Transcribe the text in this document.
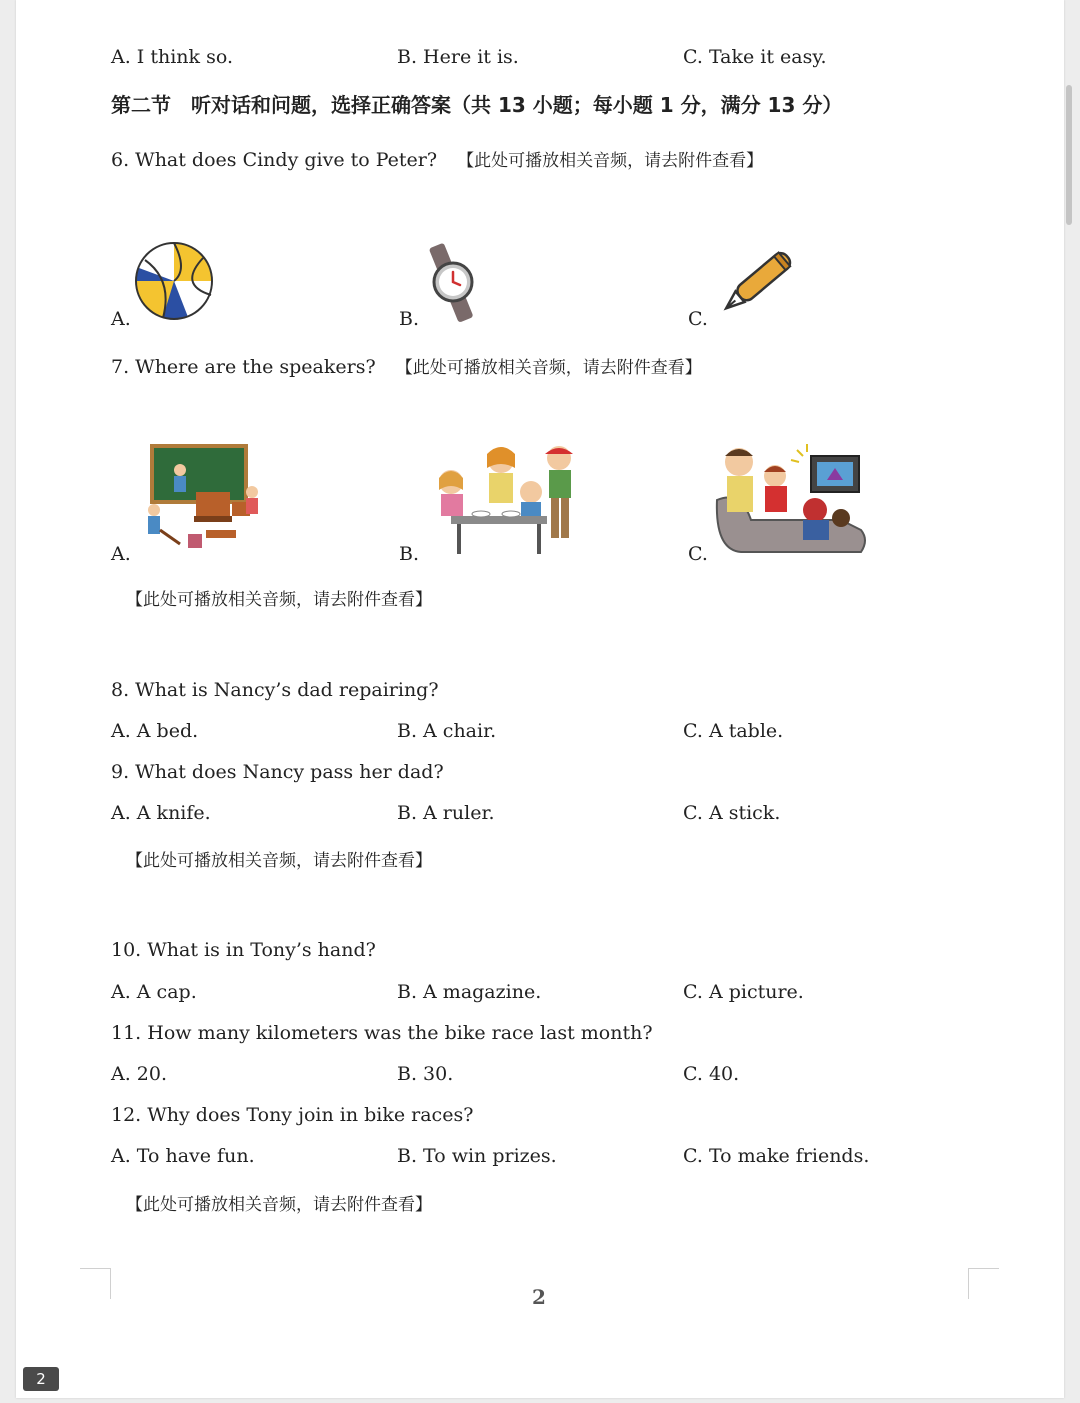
A. I think so.	B. Here it is.	C. Take it easy.
第二节　听对话和问题，选择正确答案（共 13 小题；每小题 1 分，满分 13 分）
6. What does Cindy give to Peter? 【此处可播放相关音频，请去附件查看】
A.	B.	C.
7. Where are the speakers? 【此处可播放相关音频，请去附件查看】
A.	B.	C.
【此处可播放相关音频，请去附件查看】
8. What is Nancy’s dad repairing?
A. A bed.	B. A chair.	C. A table.
9. What does Nancy pass her dad?
A. A knife.	B. A ruler.	C. A stick.
【此处可播放相关音频，请去附件查看】
10. What is in Tony’s hand?
A. A cap.	B. A magazine.	C. A picture.
11. How many kilometers was the bike race last month?
A. 20.	B. 30.	C. 40.
12. Why does Tony join in bike races?
A. To have fun.	B. To win prizes.	C. To make friends.
【此处可播放相关音频，请去附件查看】
2
2
